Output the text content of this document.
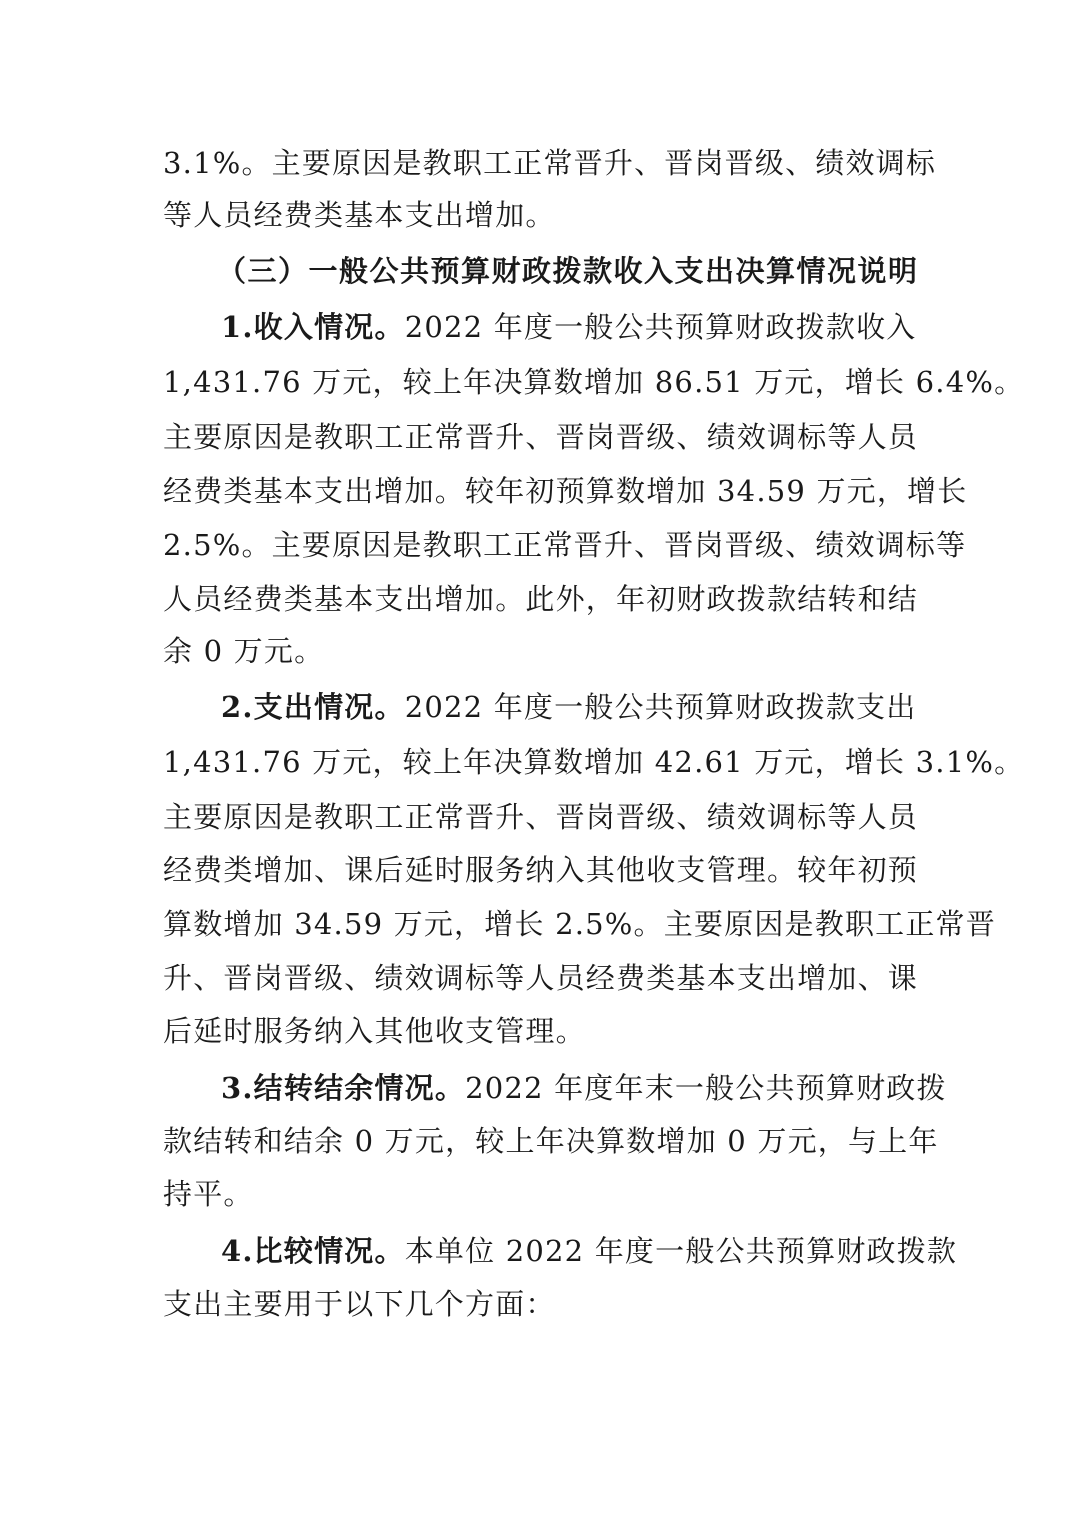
3.1%。主要原因是教职工正常晋升、晋岗晋级、绩效调标
等人员经费类基本支出增加。
（三）一般公共预算财政拨款收入支出决算情况说明
1.收入情况。2022 年度一般公共预算财政拨款收入
1,431.76 万元，较上年决算数增加 86.51 万元，增长 6.4%。
主要原因是教职工正常晋升、晋岗晋级、绩效调标等人员
经费类基本支出增加。较年初预算数增加 34.59 万元，增长
2.5%。主要原因是教职工正常晋升、晋岗晋级、绩效调标等
人员经费类基本支出增加。此外，年初财政拨款结转和结
余 0 万元。
2.支出情况。2022 年度一般公共预算财政拨款支出
1,431.76 万元，较上年决算数增加 42.61 万元，增长 3.1%。
主要原因是教职工正常晋升、晋岗晋级、绩效调标等人员
经费类增加、课后延时服务纳入其他收支管理。较年初预
算数增加 34.59 万元，增长 2.5%。主要原因是教职工正常晋
升、晋岗晋级、绩效调标等人员经费类基本支出增加、课
后延时服务纳入其他收支管理。
3.结转结余情况。2022 年度年末一般公共预算财政拨
款结转和结余 0 万元，较上年决算数增加 0 万元，与上年
持平。
4.比较情况。本单位 2022 年度一般公共预算财政拨款
支出主要用于以下几个方面：
